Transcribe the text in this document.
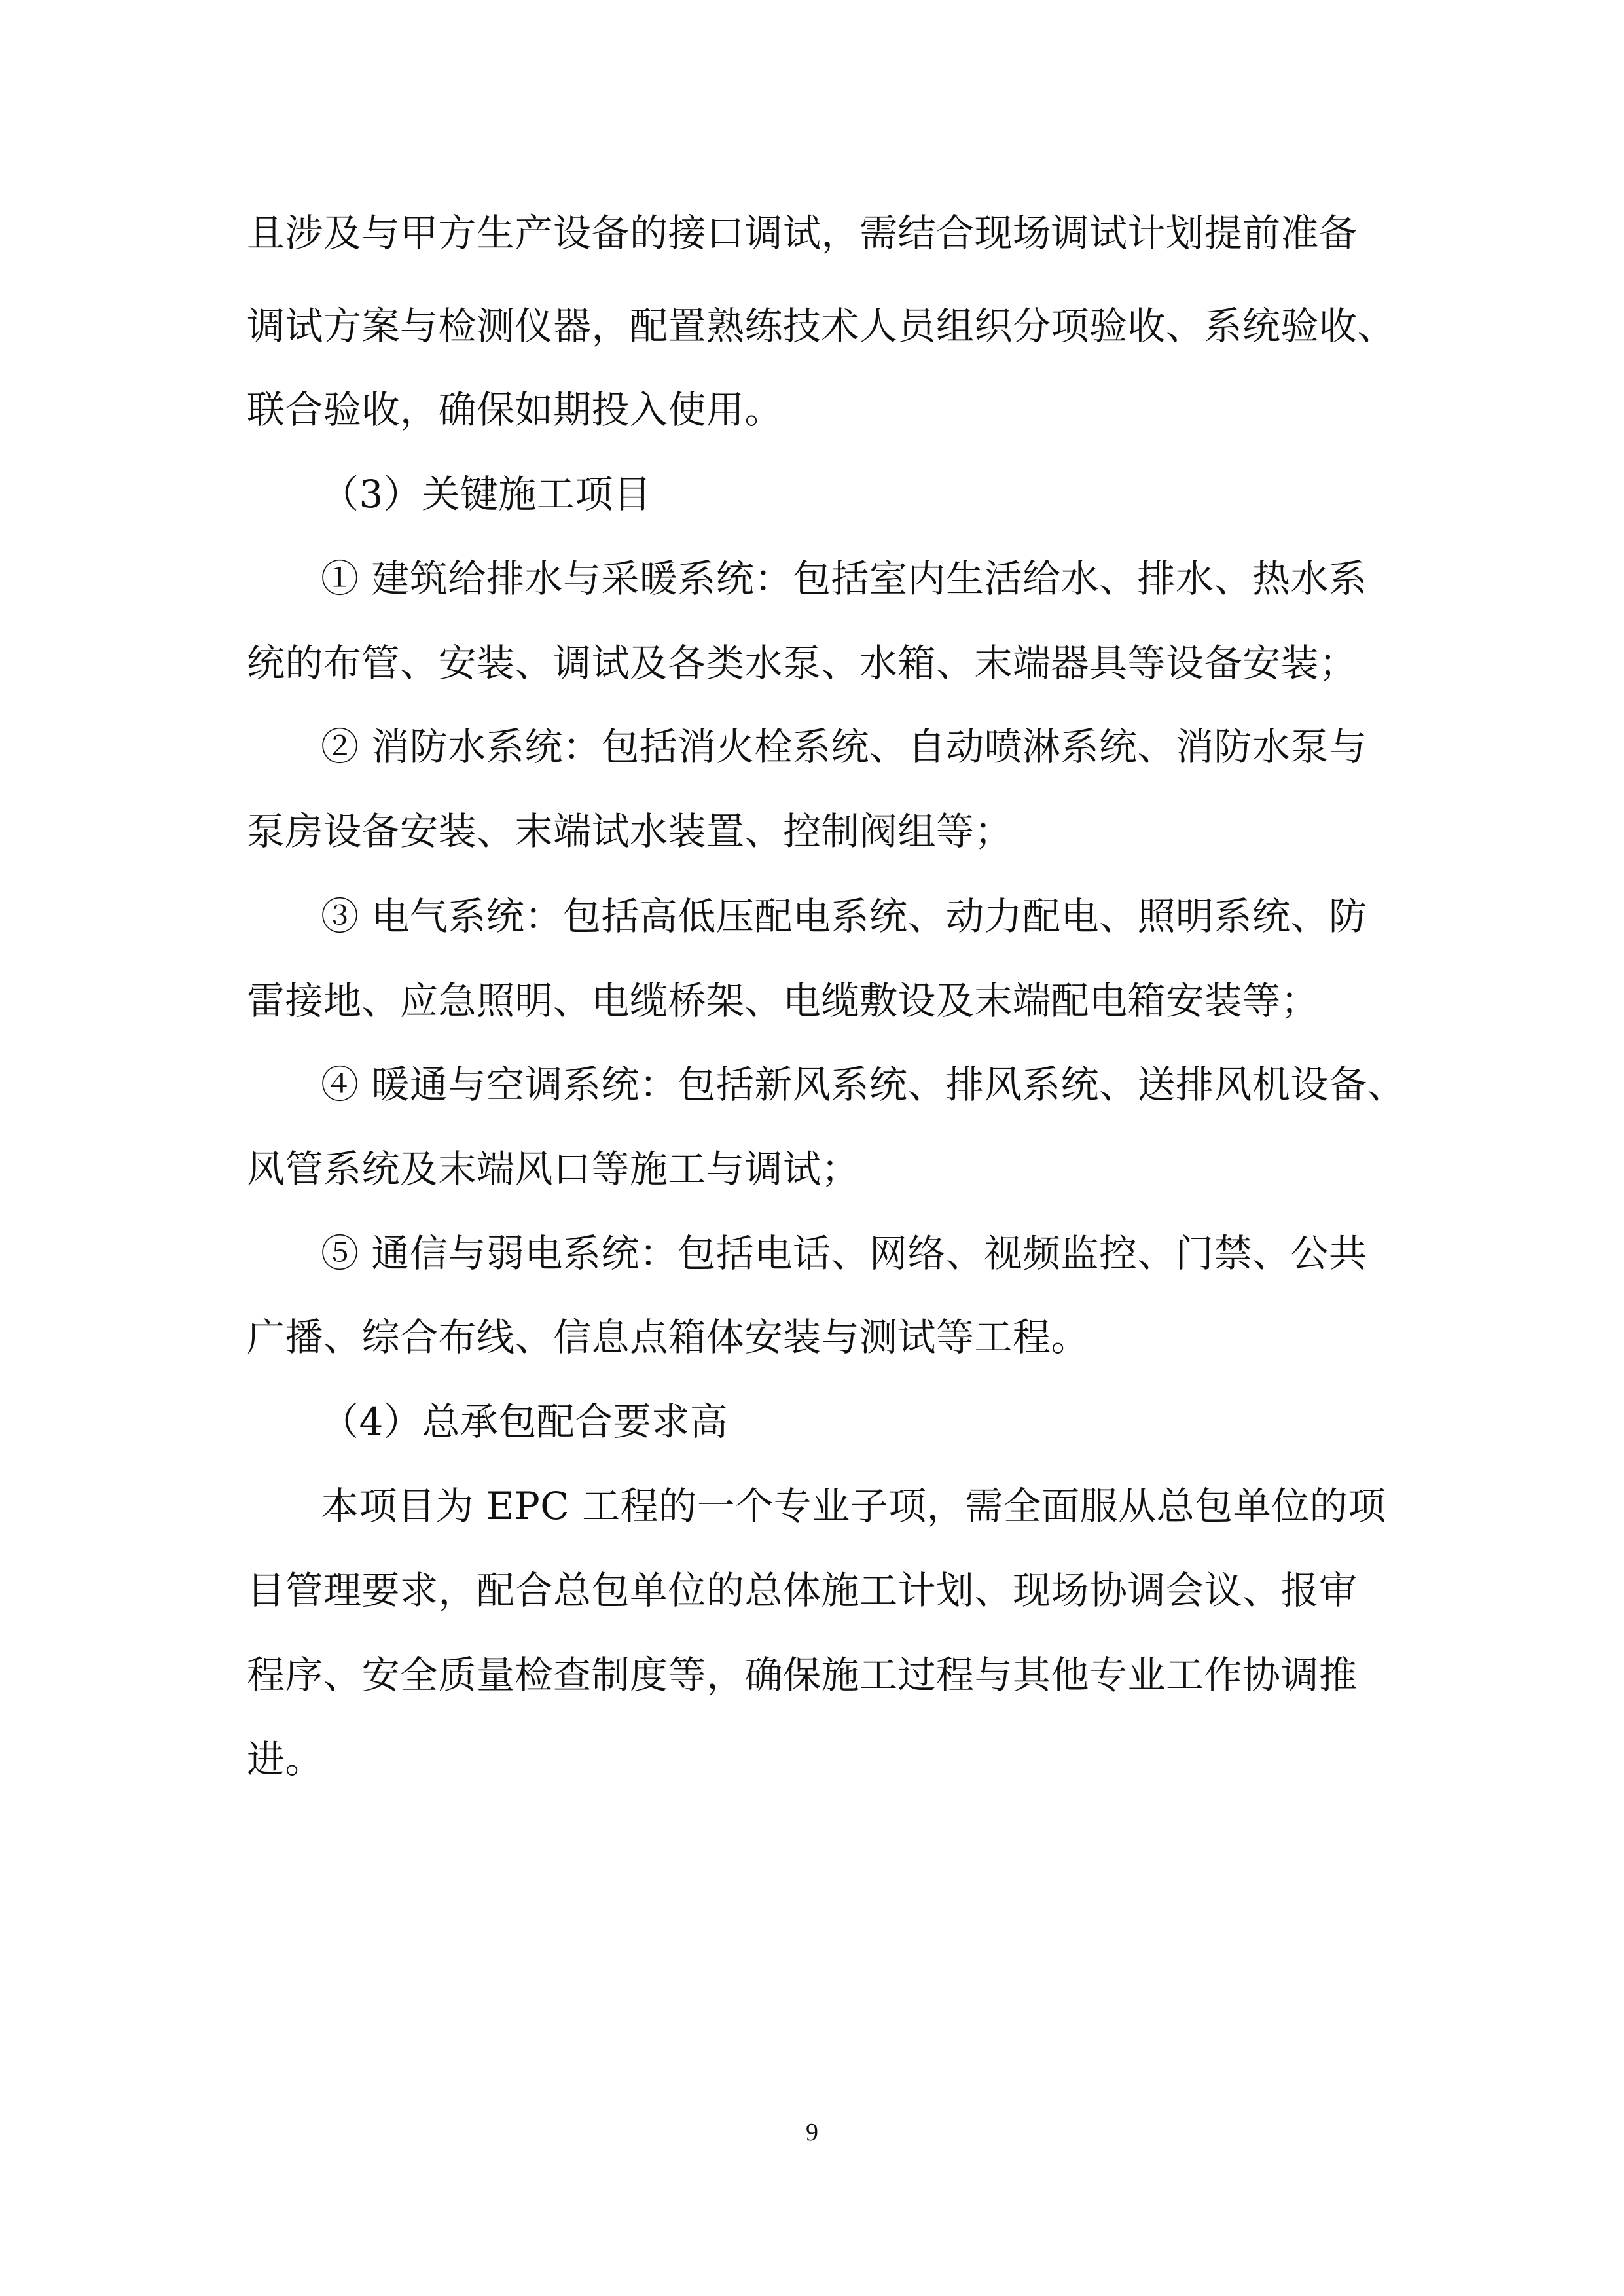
且涉及与甲方生产设备的接口调试，需结合现场调试计划提前准备
调试方案与检测仪器，配置熟练技术人员组织分项验收、系统验收、
联合验收，确保如期投入使用。
（3）关键施工项目
① 建筑给排水与采暖系统：包括室内生活给水、排水、热水系
统的布管、安装、调试及各类水泵、水箱、末端器具等设备安装；
② 消防水系统：包括消火栓系统、自动喷淋系统、消防水泵与
泵房设备安装、末端试水装置、控制阀组等；
③ 电气系统：包括高低压配电系统、动力配电、照明系统、防
雷接地、应急照明、电缆桥架、电缆敷设及末端配电箱安装等；
④ 暖通与空调系统：包括新风系统、排风系统、送排风机设备、
风管系统及末端风口等施工与调试；
⑤ 通信与弱电系统：包括电话、网络、视频监控、门禁、公共
广播、综合布线、信息点箱体安装与测试等工程。
（4）总承包配合要求高
本项目为 EPC 工程的一个专业子项，需全面服从总包单位的项
目管理要求，配合总包单位的总体施工计划、现场协调会议、报审
程序、安全质量检查制度等，确保施工过程与其他专业工作协调推
进。
9
